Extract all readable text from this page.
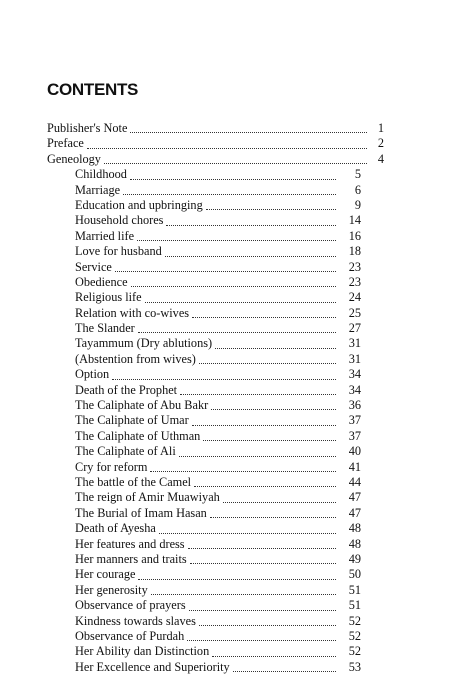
CONTENTS
Publisher's Note	1
Preface	2
Geneology	4
Childhood	5
Marriage	6
Education and upbringing	9
Household chores	14
Married life	16
Love for husband	18
Service	23
Obedience	23
Religious life	24
Relation with co-wives	25
The Slander	27
Tayammum (Dry ablutions)	31
(Abstention from wives)	31
Option	34
Death of the Prophet	34
The Caliphate of Abu Bakr	36
The Caliphate of Umar	37
The Caliphate of Uthman	37
The Caliphate of Ali	40
Cry for reform	41
The battle of the Camel	44
The reign of Amir Muawiyah	47
The Burial of Imam Hasan	47
Death of Ayesha	48
Her features and dress	48
Her manners and traits	49
Her courage	50
Her generosity	51
Observance of prayers	51
Kindness towards slaves	52
Observance of Purdah	52
Her Ability dan Distinction	52
Her Excellence and Superiority	53
